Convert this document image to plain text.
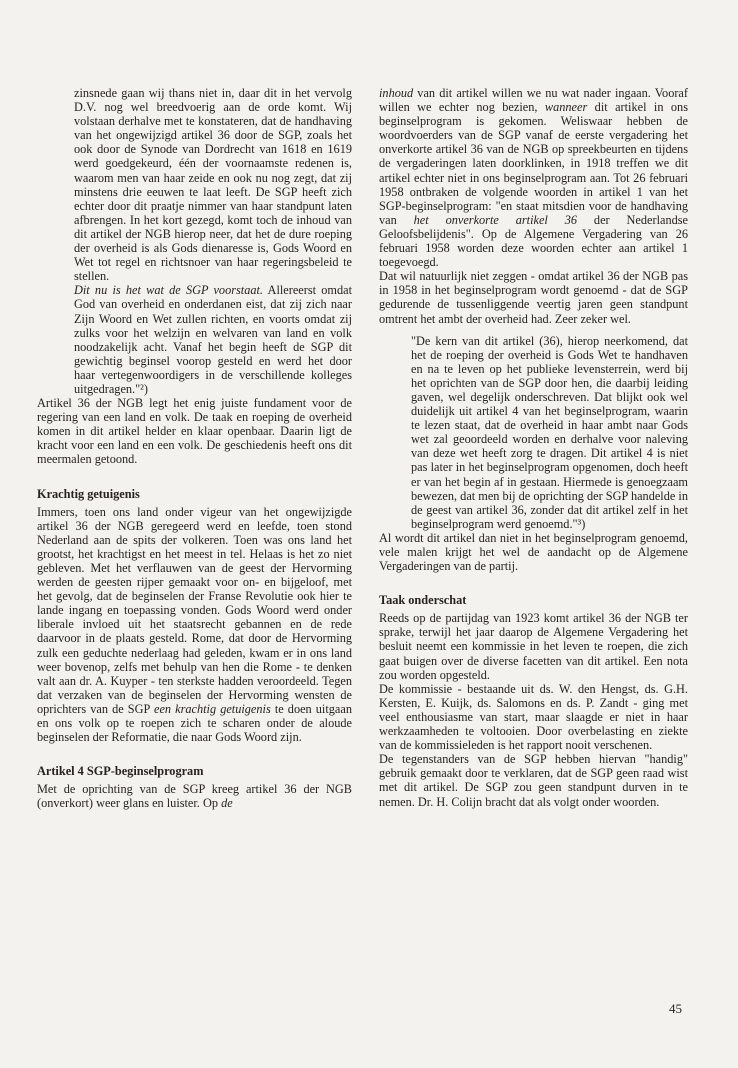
zinsnede gaan wij thans niet in, daar dit in het vervolg D.V. nog wel breedvoerig aan de orde komt. Wij volstaan derhalve met te konstateren, dat de handhaving van het ongewijzigd artikel 36 door de SGP, zoals het ook door de Synode van Dordrecht van 1618 en 1619 werd goedgekeurd, één der voornaamste redenen is, waarom men van haar zeide en ook nu nog zegt, dat zij minstens drie eeuwen te laat leeft. De SGP heeft zich echter door dit praatje nimmer van haar standpunt laten afbrengen. In het kort gezegd, komt toch de inhoud van dit artikel der NGB hierop neer, dat het de dure roeping der overheid is als Gods dienaresse is, Gods Woord en Wet tot regel en richtsnoer van haar regeringsbeleid te stellen.
Dit nu is het wat de SGP voorstaat. Allereerst omdat God van overheid en onderdanen eist, dat zij zich naar Zijn Woord en Wet zullen richten, en voorts omdat zij zulks voor het welzijn en welvaren van land en volk noodzakelijk acht. Vanaf het begin heeft de SGP dit gewichtig beginsel voorop gesteld en werd het door haar vertegenwoordigers in de verschillende kolleges uitgedragen."²)

Artikel 36 der NGB legt het enig juiste fundament voor de regering van een land en volk. De taak en roeping de overheid komen in dit artikel helder en klaar openbaar. Daarin ligt de kracht voor een land en een volk. De geschiedenis heeft ons dit meermalen getoond.

Krachtig getuigenis

Immers, toen ons land onder vigeur van het ongewijzigde artikel 36 der NGB geregeerd werd en leefde, toen stond Nederland aan de spits der volkeren. Toen was ons land het grootst, het krachtigst en het meest in tel. Helaas is het zo niet gebleven. Met het verflauwen van de geest der Hervorming werden de geesten rijper gemaakt voor on- en bijgeloof, met het gevolg, dat de beginselen der Franse Revolutie ook hier te lande ingang en toepassing vonden. Gods Woord werd onder liberale invloed uit het staatsrecht gebannen en de rede daarvoor in de plaats gesteld. Rome, dat door de Hervorming zulk een geduchte nederlaag had geleden, kwam er in ons land weer bovenop, zelfs met behulp van hen die Rome - te denken valt aan dr. A. Kuyper - ten sterkste hadden veroordeeld. Tegen dat verzaken van de beginselen der Hervorming wensten de oprichters van de SGP een krachtig getuigenis te doen uitgaan en ons volk op te roepen zich te scharen onder de aloude beginselen der Reformatie, die naar Gods Woord zijn.

Artikel 4 SGP-beginselprogram

Met de oprichting van de SGP kreeg artikel 36 der NGB (onverkort) weer glans en luister. Op de

inhoud van dit artikel willen we nu wat nader ingaan. Vooraf willen we echter nog bezien, wanneer dit artikel in ons beginselprogram is gekomen. Weliswaar hebben de woordvoerders van de SGP vanaf de eerste vergadering het onverkorte artikel 36 van de NGB op spreekbeurten en tijdens de vergaderingen laten doorklinken, in 1918 treffen we dit artikel echter niet in ons beginselprogram aan. Tot 26 februari 1958 ontbraken de volgende woorden in artikel 1 van het SGP-beginselprogram: "en staat mitsdien voor de handhaving van het onverkorte artikel 36 der Nederlandse Geloofsbelijdenis". Op de Algemene Vergadering van 26 februari 1958 worden deze woorden echter aan artikel 1 toegevoegd.

Dat wil natuurlijk niet zeggen - omdat artikel 36 der NGB pas in 1958 in het beginselprogram wordt genoemd - dat de SGP gedurende de tussenliggende veertig jaren geen standpunt omtrent het ambt der overheid had. Zeer zeker wel.

"De kern van dit artikel (36), hierop neerkomend, dat het de roeping der overheid is Gods Wet te handhaven en na te leven op het publieke levensterrein, werd bij het oprichten van de SGP door hen, die daarbij leiding gaven, wel degelijk onderschreven. Dat blijkt ook wel duidelijk uit artikel 4 van het beginselprogram, waarin te lezen staat, dat de overheid in haar ambt naar Gods wet zal geoordeeld worden en derhalve voor naleving van deze wet heeft zorg te dragen. Dit artikel 4 is niet pas later in het beginselprogram opgenomen, doch heeft er van het begin af in gestaan. Hiermede is genoegzaam bewezen, dat men bij de oprichting der SGP handelde in de geest van artikel 36, zonder dat dit artikel zelf in het beginselprogram werd genoemd."³)

Al wordt dit artikel dan niet in het beginselprogram genoemd, vele malen krijgt het wel de aandacht op de Algemene Vergaderingen van de partij.

Taak onderschat

Reeds op de partijdag van 1923 komt artikel 36 der NGB ter sprake, terwijl het jaar daarop de Algemene Vergadering het besluit neemt een kommissie in het leven te roepen, die zich gaat buigen over de diverse facetten van dit artikel. Een nota zou worden opgesteld.

De kommissie - bestaande uit ds. W. den Hengst, ds. G.H. Kersten, E. Kuijk, ds. Salomons en ds. P. Zandt - ging met veel enthousiasme van start, maar slaagde er niet in haar werkzaamheden te voltooien. Door overbelasting en ziekte van de kommissieleden is het rapport nooit verschenen.

De tegenstanders van de SGP hebben hiervan "handig" gebruik gemaakt door te verklaren, dat de SGP geen raad wist met dit artikel. De SGP zou geen standpunt durven in te nemen. Dr. H. Colijn bracht dat als volgt onder woorden.

45
